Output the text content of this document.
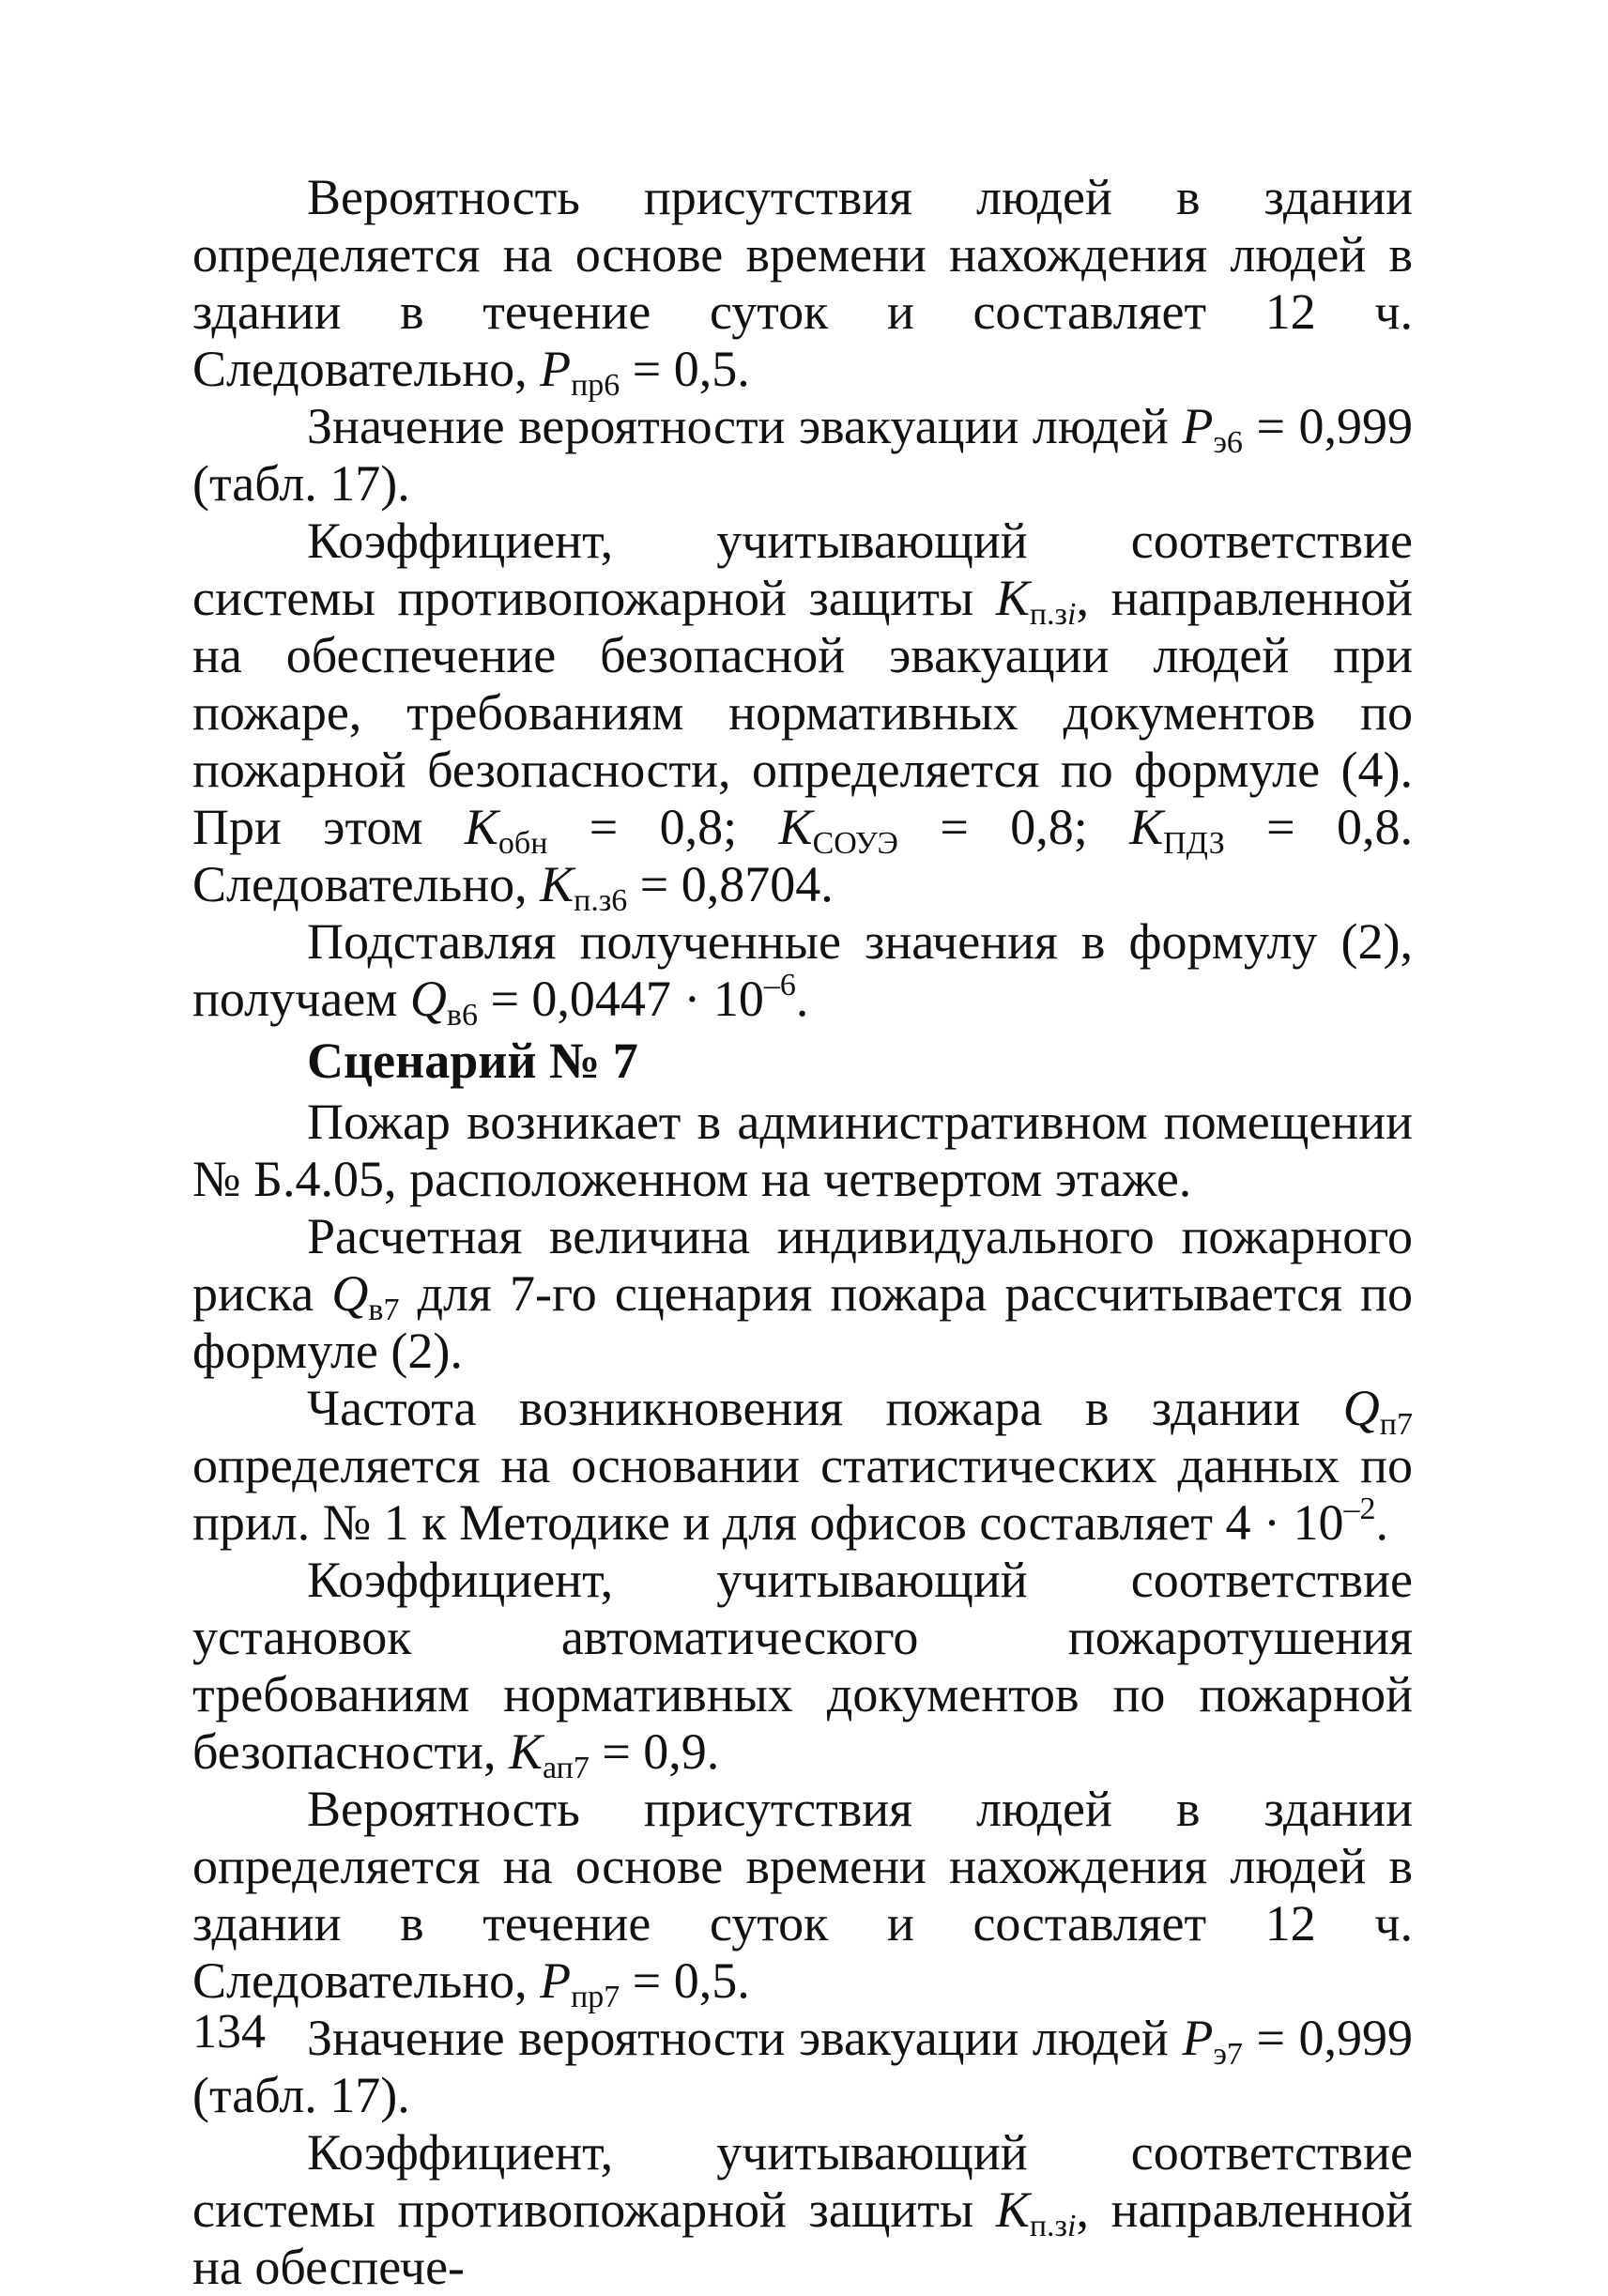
Вероятность присутствия людей в здании определяется на основе времени нахождения людей в здании в течение суток и составляет 12 ч. Следовательно, $P_{пр6} = 0,5$.

Значение вероятности эвакуации людей $P_{э6} = 0,999$ (табл. 17).

Коэффициент, учитывающий соответствие системы противопожарной защиты $K_{п.зi}$, направленной на обеспечение безопасной эвакуации людей при пожаре, требованиям нормативных документов по пожарной безопасности, определяется по формуле (4). При этом $K_{обн} = 0,8$; $K_{СОУЭ} = 0,8$; $K_{ПДЗ} = 0,8$. Следовательно, $K_{п.з6} = 0,8704$.

Подставляя полученные значения в формулу (2), получаем $Q_{в6} = 0,0447 \cdot 10^{-6}$.

Сценарий № 7

Пожар возникает в административном помещении № Б.4.05, расположенном на четвертом этаже.

Расчетная величина индивидуального пожарного риска $Q_{в7}$ для 7-го сценария пожара рассчитывается по формуле (2).

Частота возникновения пожара в здании $Q_{п7}$ определяется на основании статистических данных по прил. № 1 к Методике и для офисов составляет $4 \cdot 10^{-2}$.

Коэффициент, учитывающий соответствие установок автоматического пожаротушения требованиям нормативных документов по пожарной безопасности, $K_{ап7} = 0,9$.

Вероятность присутствия людей в здании определяется на основе времени нахождения людей в здании в течение суток и составляет 12 ч. Следовательно, $P_{пр7} = 0,5$.

Значение вероятности эвакуации людей $P_{э7} = 0,999$ (табл. 17).

Коэффициент, учитывающий соответствие системы противопожарной защиты $K_{п.зi}$, направленной на обеспече-

134
